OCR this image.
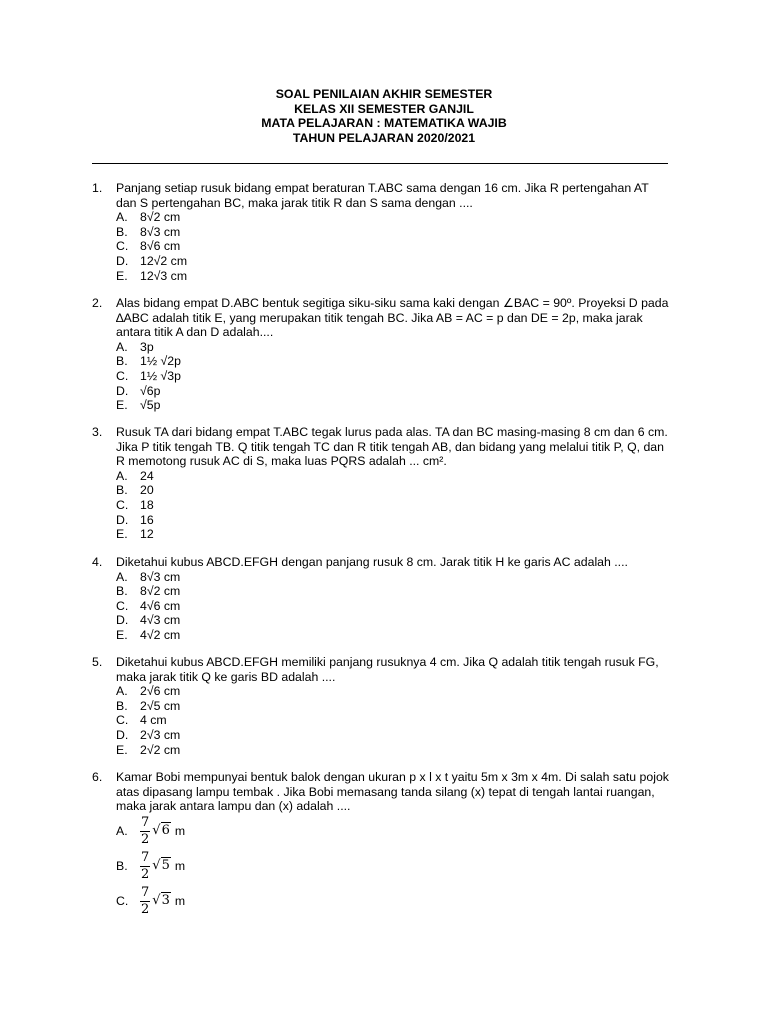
SOAL PENILAIAN AKHIR SEMESTER
KELAS XII SEMESTER GANJIL
MATA PELAJARAN : MATEMATIKA WAJIB
TAHUN PELAJARAN 2020/2021
1.	Panjang setiap rusuk bidang empat beraturan T.ABC sama dengan 16 cm. Jika R pertengahan AT dan S pertengahan BC, maka jarak titik R dan S sama dengan ....
A. 8√2 cm
B. 8√3 cm
C. 8√6 cm
D. 12√2 cm
E. 12√3 cm
2.	Alas bidang empat D.ABC bentuk segitiga siku-siku sama kaki dengan ∠BAC = 90º. Proyeksi D pada ∆ABC adalah titik E, yang merupakan titik tengah BC. Jika AB = AC = p dan DE = 2p, maka jarak antara titik A dan D adalah....
A. 3p
B. 1½ √2p
C. 1½ √3p
D. √6p
E. √5p
3.	Rusuk TA dari bidang empat T.ABC tegak lurus pada alas. TA dan BC masing-masing 8 cm dan 6 cm. Jika P titik tengah TB. Q titik tengah TC dan R titik tengah AB, dan bidang yang melalui titik P, Q, dan R memotong rusuk AC di S, maka luas PQRS adalah ... cm².
A. 24
B. 20
C. 18
D. 16
E. 12
4.	Diketahui kubus ABCD.EFGH dengan panjang rusuk 8 cm. Jarak titik H ke garis AC adalah ....
A. 8√3 cm
B. 8√2 cm
C. 4√6 cm
D. 4√3 cm
E. 4√2 cm
5.	Diketahui kubus ABCD.EFGH memiliki panjang rusuknya 4 cm. Jika Q adalah titik tengah rusuk FG, maka jarak titik Q ke garis BD adalah ....
A. 2√6 cm
B. 2√5 cm
C. 4 cm
D. 2√3 cm
E. 2√2 cm
6.	Kamar Bobi mempunyai bentuk balok dengan ukuran p x l x t yaitu 5m x 3m x 4m. Di salah satu pojok atas dipasang lampu tembak . Jika Bobi memasang tanda silang (x) tepat di tengah lantai ruangan, maka jarak antara lampu dan (x) adalah ....
A. $\frac{7}{2} √6$ m
B. $\frac{7}{2} √5$ m
C. $\frac{7}{2} √3$ m
